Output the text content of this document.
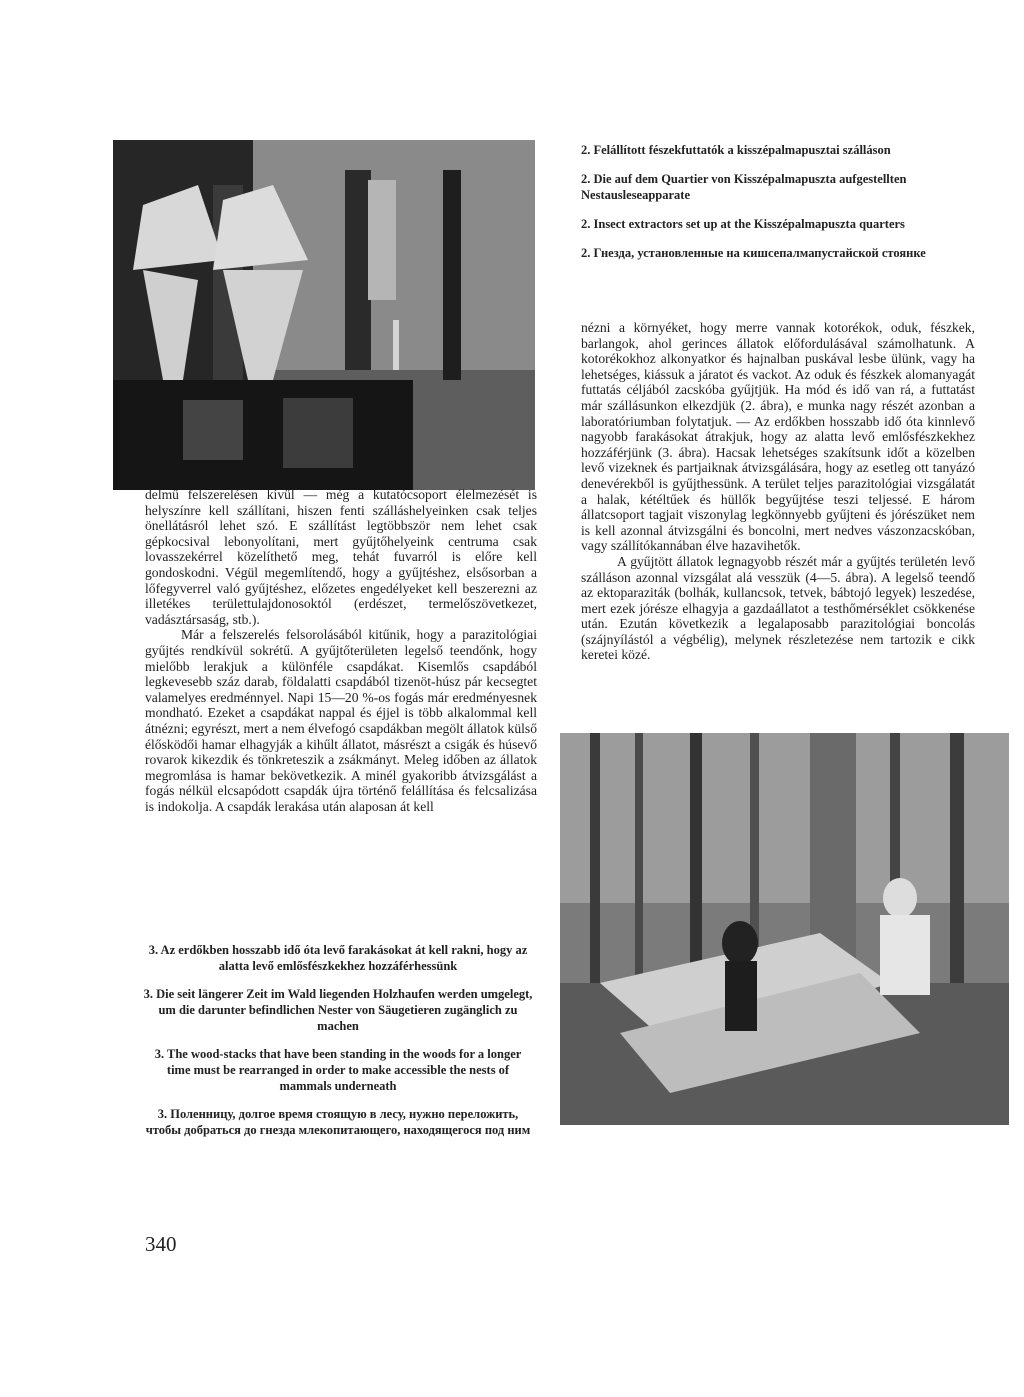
2. Felállított fészekfuttatók a kisszépalmapusztai szálláson

2. Die auf dem Quartier von Kisszépalmapuszta aufgestellten Nestausleseapparate

2. Insect extractors set up at the Kisszépalmapuszta quarters

2. Гнезда, установленные на кишсепалмапустайской стоянке

nézni a környéket, hogy merre vannak kotorékok, oduk, fészkek, barlangok, ahol gerinces állatok előfordulásával számolhatunk. A kotorékokhoz alkonyatkor és hajnalban puskával lesbe ülünk, vagy ha lehetséges, kiássuk a járatot és vackot. Az oduk és fészkek alomanyagát futtatás céljából zacskóba gyűjtjük. Ha mód és idő van rá, a futtatást már szállásunkon elkezdjük (2. ábra), e munka nagy részét azonban a laboratóriumban folytatjuk. — Az erdőkben hosszabb idő óta kinnlevő nagyobb farakásokat átrakjuk, hogy az alatta levő emlősfészkekhez hozzáférjünk (3. ábra). Hacsak lehetséges szakítsunk időt a közelben levő vizeknek és partjaiknak átvizsgálására, hogy az esetleg ott tanyázó denevérekből is gyűjthessünk. A terület teljes parazitológiai vizsgálatát a halak, kétéltűek és hüllők begyűjtése teszi teljessé. E három állatcsoport tagjait viszonylag legkönnyebb gyűjteni és jórészüket nem is kell azonnal átvizsgálni és boncolni, mert nedves vászonzacskóban, vagy szállítókannában élve hazavihetők.

A gyűjtött állatok legnagyobb részét már a gyűjtés területén levő szálláson azonnal vizsgálat alá vesszük (4—5. ábra). A legelső teendő az ektoparaziták (bolhák, kullancsok, tetvek, bábtojó legyek) leszedése, mert ezek jórésze elhagyja a gazdaállatot a testhőmérséklet csökkenése után. Ezután következik a legalaposabb parazitológiai boncolás (szájnyílástól a végbélig), melynek részletezése nem tartozik e cikk keretei közé.

delmű felszerelésen kívül — még a kutatócsoport élelmezését is helyszínre kell szállítani, hiszen fenti szálláshelyeinken csak teljes önellátásról lehet szó. E szállítást legtöbbször nem lehet csak gépkocsival lebonyolítani, mert gyűjtőhelyeink centruma csak lovasszekérrel közelíthető meg, tehát fuvarról is előre kell gondoskodni. Végül megemlítendő, hogy a gyűjtéshez, elsősorban a lőfegyverrel való gyűjtéshez, előzetes engedélyeket kell beszerezni az illetékes területtulajdonosoktól (erdészet, termelőszövetkezet, vadásztársaság, stb.).

Már a felszerelés felsorolásából kitűnik, hogy a parazitológiai gyűjtés rendkívül sokrétű. A gyűjtőterületen legelső teendőnk, hogy mielőbb lerakjuk a különféle csapdákat. Kisemlős csapdából legkevesebb száz darab, földalatti csapdából tizenöt-húsz pár kecsegtet valamelyes eredménnyel. Napi 15—20 %-os fogás már eredményesnek mondható. Ezeket a csapdákat nappal és éjjel is több alkalommal kell átnézni; egyrészt, mert a nem élvefogó csapdákban megölt állatok külső élősködői hamar elhagyják a kihűlt állatot, másrészt a csigák és húsevő rovarok kikezdik és tönkreteszik a zsákmányt. Meleg időben az állatok megromlása is hamar bekövetkezik. A minél gyakoribb átvizsgálást a fogás nélkül elcsapódott csapdák újra történő felállítása és felcsalizása is indokolja. A csapdák lerakása után alaposan át kell

3. Az erdőkben hosszabb idő óta levő farakásokat át kell rakni, hogy az alatta levő emlősfészkekhez hozzáférhessünk

3. Die seit längerer Zeit im Wald liegenden Holzhaufen werden umgelegt, um die darunter befindlichen Nester von Säugetieren zugänglich zu machen

3. The wood-stacks that have been standing in the woods for a longer time must be rearranged in order to make accessible the nests of mammals underneath

3. Поленницу, долгое время стоящую в лесу, нужно переложить, чтобы добраться до гнезда млекопитающего, находящегося под ним

340
